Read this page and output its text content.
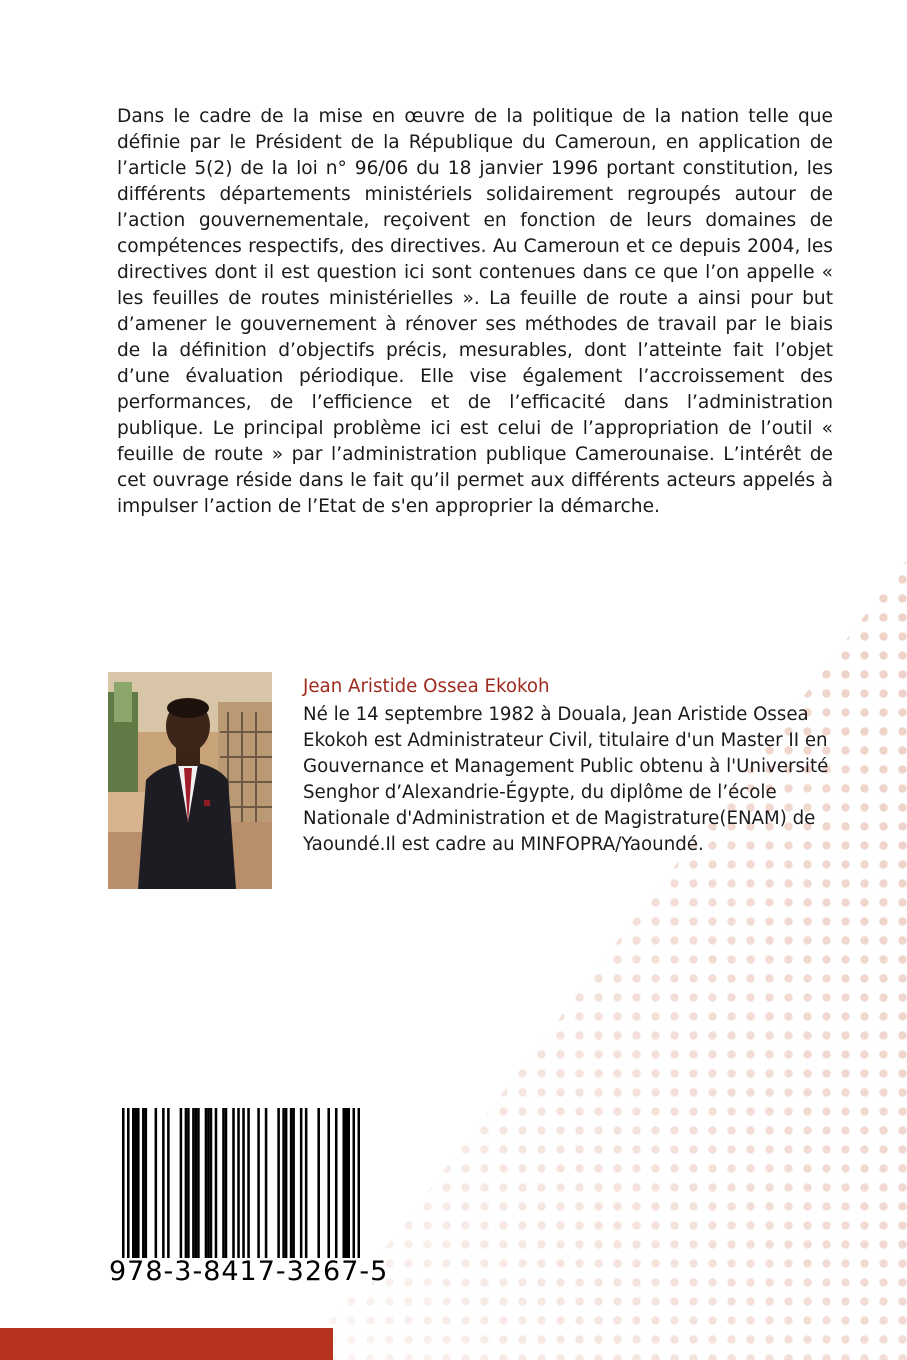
Dans le cadre de la mise en œuvre de la politique de la nation telle que définie par le Président de la République du Cameroun, en application de l’article 5(2) de la loi n° 96/06 du 18 janvier 1996 portant constitution, les différents départements ministériels solidairement regroupés autour de l’action gouvernementale, reçoivent en fonction de leurs domaines de compétences respectifs, des directives. Au Cameroun et ce depuis 2004, les directives dont il est question ici sont contenues dans ce que l’on appelle « les feuilles de routes ministérielles ». La feuille de route a ainsi pour but d’amener le gouvernement à rénover ses méthodes de travail par le biais de la définition d’objectifs précis, mesurables, dont l’atteinte fait l’objet d’une évaluation périodique. Elle vise également l’accroissement des performances, de l’efficience et de l’efficacité dans l’administration publique. Le principal problème ici est celui de l’appropriation de l’outil « feuille de route » par l’administration publique Camerounaise. L’intérêt de cet ouvrage réside dans le fait qu’il permet aux différents acteurs appelés à impulser l’action de l’Etat de s'en approprier la démarche.

Jean Aristide Ossea Ekokoh

Né le 14 septembre 1982 à Douala, Jean Aristide Ossea Ekokoh est Administrateur Civil, titulaire d'un Master II en Gouvernance et Management Public obtenu à l'Université Senghor d’Alexandrie-Égypte, du diplôme de l’école Nationale d'Administration et de Magistrature(ENAM) de Yaoundé.Il est cadre au MINFOPRA/Yaoundé.

978-3-8417-3267-5
